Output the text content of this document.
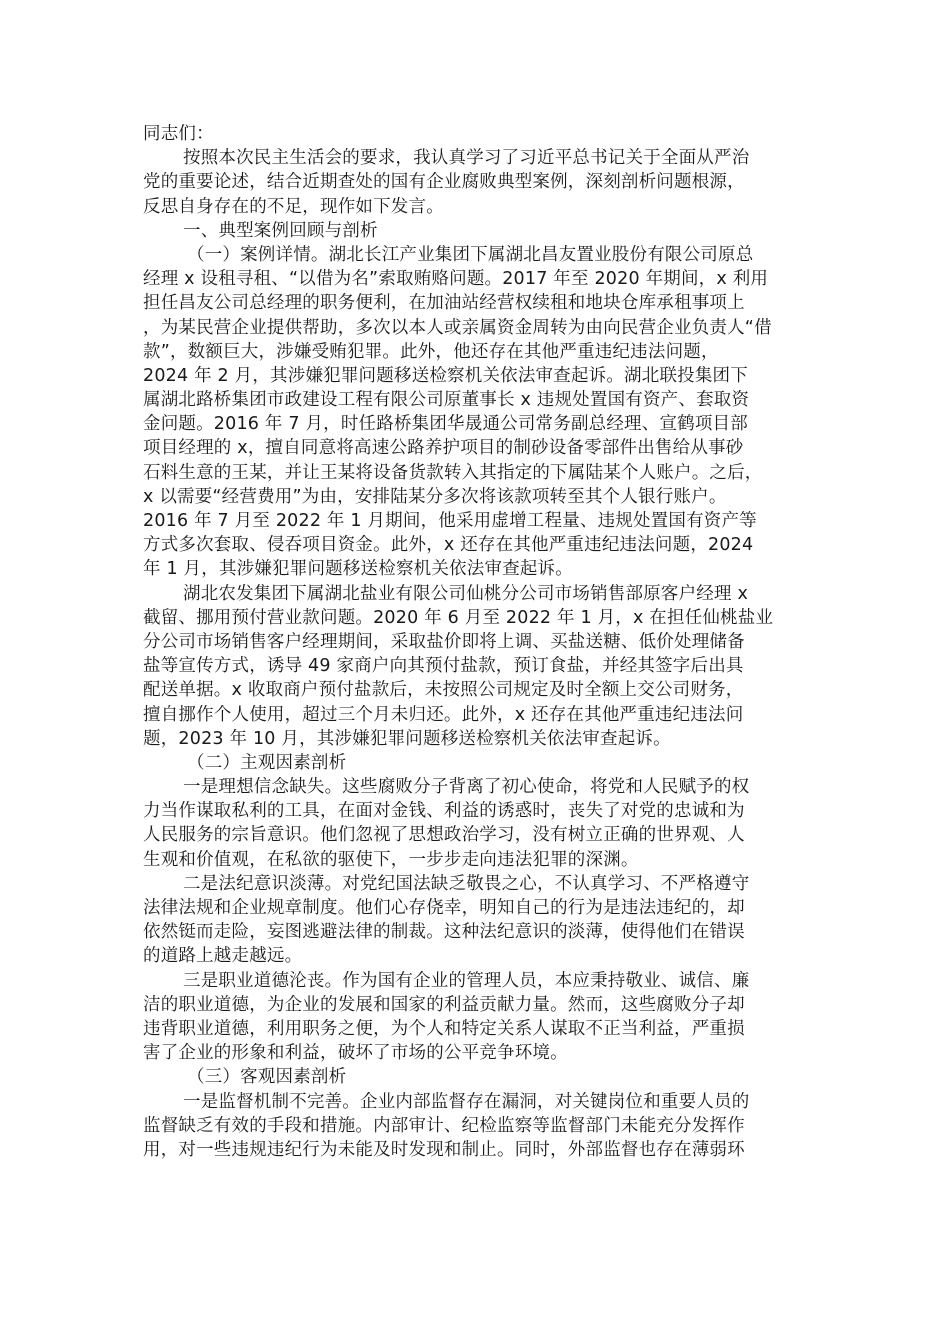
同志们：
按照本次民主生活会的要求，我认真学习了习近平总书记关于全面从严治
党的重要论述，结合近期查处的国有企业腐败典型案例，深刻剖析问题根源，
反思自身存在的不足，现作如下发言。
一、典型案例回顾与剖析
（一）案例详情。湖北长江产业集团下属湖北昌友置业股份有限公司原总
经理 x 设租寻租、“以借为名”索取贿赂问题。2017 年至 2020 年期间，x 利用
担任昌友公司总经理的职务便利，在加油站经营权续租和地块仓库承租事项上
，为某民营企业提供帮助，多次以本人或亲属资金周转为由向民营企业负责人“借
款”，数额巨大，涉嫌受贿犯罪。此外，他还存在其他严重违纪违法问题，
2024 年 2 月，其涉嫌犯罪问题移送检察机关依法审查起诉。湖北联投集团下
属湖北路桥集团市政建设工程有限公司原董事长 x 违规处置国有资产、套取资
金问题。2016 年 7 月，时任路桥集团华晟通公司常务副总经理、宣鹤项目部
项目经理的 x，擅自同意将高速公路养护项目的制砂设备零部件出售给从事砂
石料生意的王某，并让王某将设备货款转入其指定的下属陆某个人账户。之后，
x 以需要“经营费用”为由，安排陆某分多次将该款项转至其个人银行账户。
2016 年 7 月至 2022 年 1 月期间，他采用虚增工程量、违规处置国有资产等
方式多次套取、侵吞项目资金。此外，x 还存在其他严重违纪违法问题，2024
年 1 月，其涉嫌犯罪问题移送检察机关依法审查起诉。
湖北农发集团下属湖北盐业有限公司仙桃分公司市场销售部原客户经理 x
截留、挪用预付营业款问题。2020 年 6 月至 2022 年 1 月，x 在担任仙桃盐业
分公司市场销售客户经理期间，采取盐价即将上调、买盐送糖、低价处理储备
盐等宣传方式，诱导 49 家商户向其预付盐款，预订食盐，并经其签字后出具
配送单据。x 收取商户预付盐款后，未按照公司规定及时全额上交公司财务，
擅自挪作个人使用，超过三个月未归还。此外，x 还存在其他严重违纪违法问
题，2023 年 10 月，其涉嫌犯罪问题移送检察机关依法审查起诉。
（二）主观因素剖析
一是理想信念缺失。这些腐败分子背离了初心使命，将党和人民赋予的权
力当作谋取私利的工具，在面对金钱、利益的诱惑时，丧失了对党的忠诚和为
人民服务的宗旨意识。他们忽视了思想政治学习，没有树立正确的世界观、人
生观和价值观，在私欲的驱使下，一步步走向违法犯罪的深渊。
二是法纪意识淡薄。对党纪国法缺乏敬畏之心，不认真学习、不严格遵守
法律法规和企业规章制度。他们心存侥幸，明知自己的行为是违法违纪的，却
依然铤而走险，妄图逃避法律的制裁。这种法纪意识的淡薄，使得他们在错误
的道路上越走越远。
三是职业道德沦丧。作为国有企业的管理人员，本应秉持敬业、诚信、廉
洁的职业道德，为企业的发展和国家的利益贡献力量。然而，这些腐败分子却
违背职业道德，利用职务之便，为个人和特定关系人谋取不正当利益，严重损
害了企业的形象和利益，破坏了市场的公平竞争环境。
（三）客观因素剖析
一是监督机制不完善。企业内部监督存在漏洞，对关键岗位和重要人员的
监督缺乏有效的手段和措施。内部审计、纪检监察等监督部门未能充分发挥作
用，对一些违规违纪行为未能及时发现和制止。同时，外部监督也存在薄弱环
